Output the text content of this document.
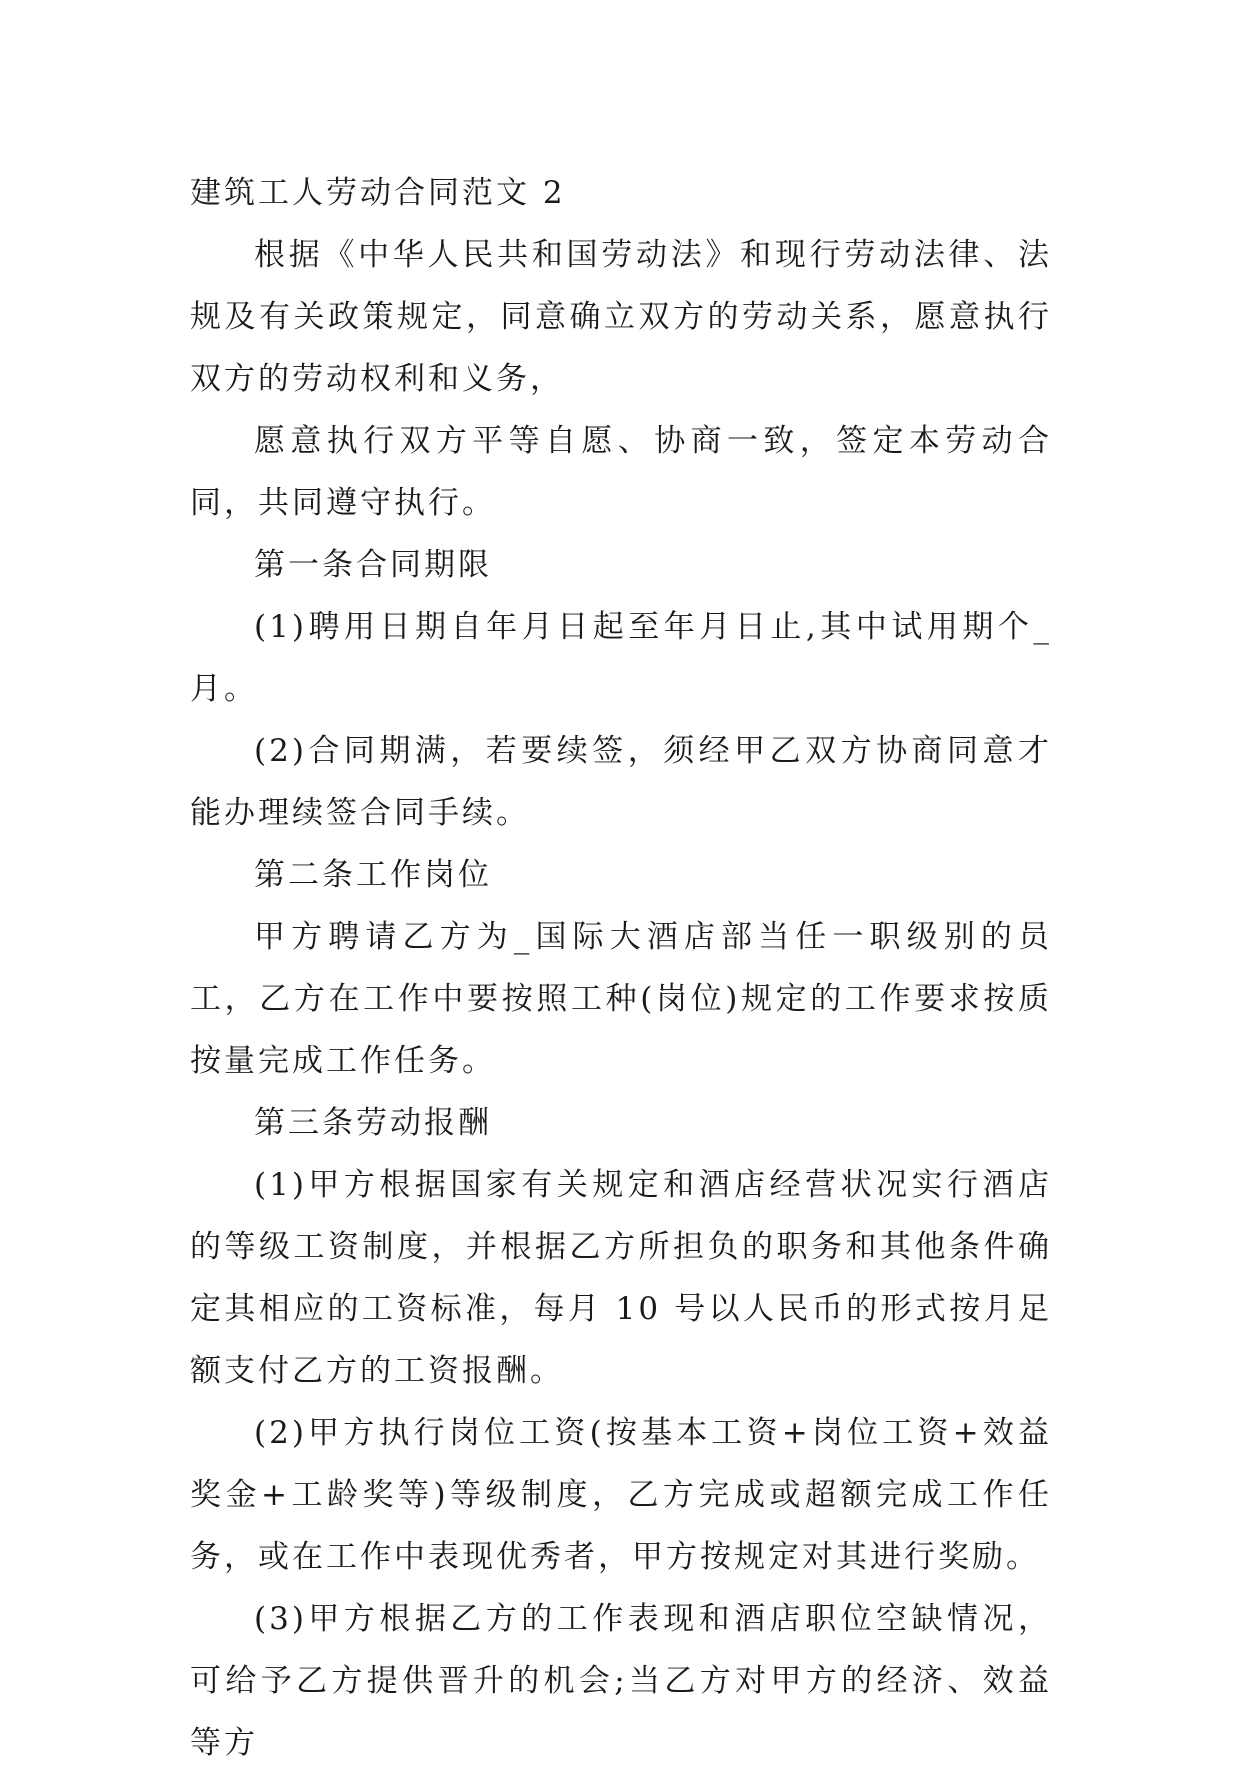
建筑工人劳动合同范文 2

根据《中华人民共和国劳动法》和现行劳动法律、法规及有关政策规定，同意确立双方的劳动关系，愿意执行双方的劳动权利和义务，

愿意执行双方平等自愿、协商一致，签定本劳动合同，共同遵守执行。

第一条合同期限

(1)聘用日期自年月日起至年月日止,其中试用期个_月。

(2)合同期满，若要续签，须经甲乙双方协商同意才能办理续签合同手续。

第二条工作岗位

甲方聘请乙方为_国际大酒店部当任一职级别的员工，乙方在工作中要按照工种(岗位)规定的工作要求按质按量完成工作任务。

第三条劳动报酬

(1)甲方根据国家有关规定和酒店经营状况实行酒店的等级工资制度，并根据乙方所担负的职务和其他条件确定其相应的工资标准，每月 10 号以人民币的形式按月足额支付乙方的工资报酬。

(2)甲方执行岗位工资(按基本工资+岗位工资+效益奖金+工龄奖等)等级制度，乙方完成或超额完成工作任务，或在工作中表现优秀者，甲方按规定对其进行奖励。

(3)甲方根据乙方的工作表现和酒店职位空缺情况，可给予乙方提供晋升的机会;当乙方对甲方的经济、效益等方
